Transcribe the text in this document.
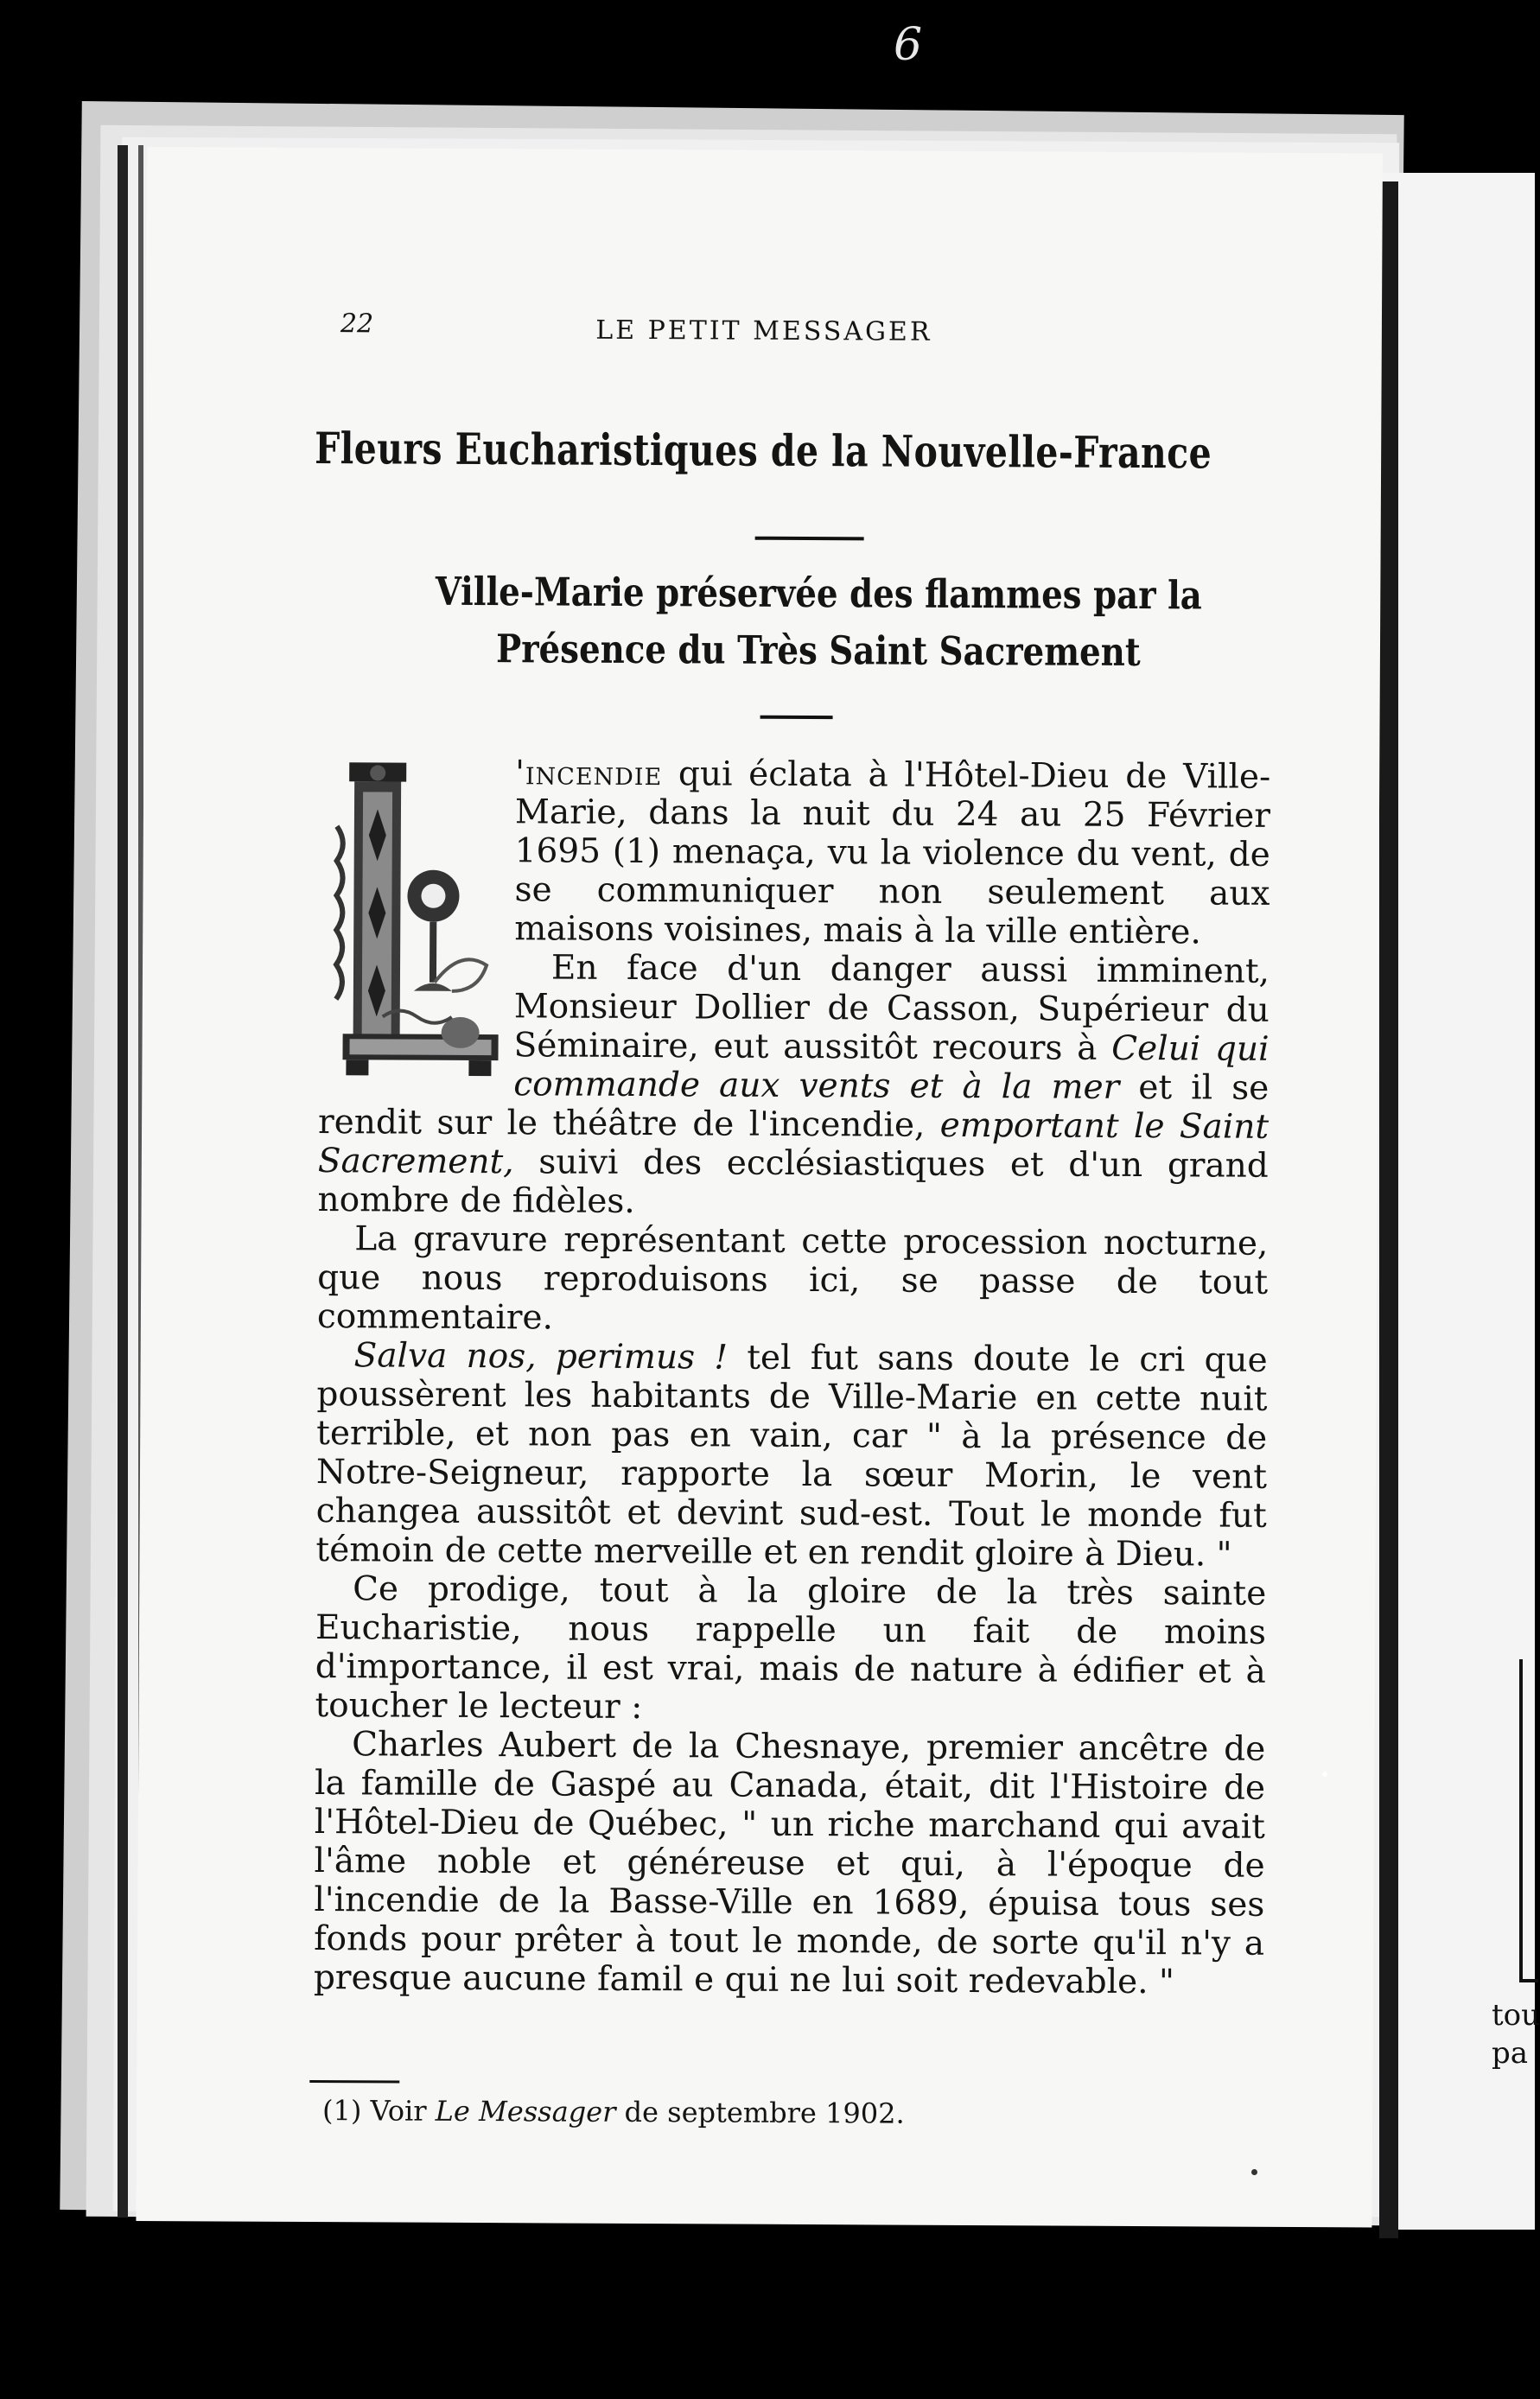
6
tou
pa
22	LE PETIT MESSAGER
Fleurs Eucharistiques de la Nouvelle-France
Ville-Marie préservée des flammes par la Présence du Très Saint Sacrement

'incendie qui éclata à l'Hôtel-Dieu de Ville-Marie, dans la nuit du 24 au 25 Février 1695 (1) menaça, vu la violence du vent, de se communiquer non seulement aux maisons voisines, mais à la ville entière.

En face d'un danger aussi imminent, Monsieur Dollier de Casson, Supérieur du Séminaire, eut aussitôt recours à Celui qui commande aux vents et à la mer et il se rendit sur le théâtre de l'incendie, emportant le Saint Sacrement, suivi des ecclésiastiques et d'un grand nombre de fidèles.

La gravure représentant cette procession nocturne, que nous reproduisons ici, se passe de tout commentaire.

Salva nos, perimus ! tel fut sans doute le cri que poussèrent les habitants de Ville-Marie en cette nuit terrible, et non pas en vain, car " à la présence de Notre-Seigneur, rapporte la sœur Morin, le vent changea aussitôt et devint sud-est. Tout le monde fut témoin de cette merveille et en rendit gloire à Dieu. "

Ce prodige, tout à la gloire de la très sainte Eucharistie, nous rappelle un fait de moins d'importance, il est vrai, mais de nature à édifier et à toucher le lecteur :

Charles Aubert de la Chesnaye, premier ancêtre de la famille de Gaspé au Canada, était, dit l'Histoire de l'Hôtel-Dieu de Québec, " un riche marchand qui avait l'âme noble et généreuse et qui, à l'époque de l'incendie de la Basse-Ville en 1689, épuisa tous ses fonds pour prêter à tout le monde, de sorte qu'il n'y a presque aucune famil e qui ne lui soit redevable. "

(1) Voir Le Messager de septembre 1902.
